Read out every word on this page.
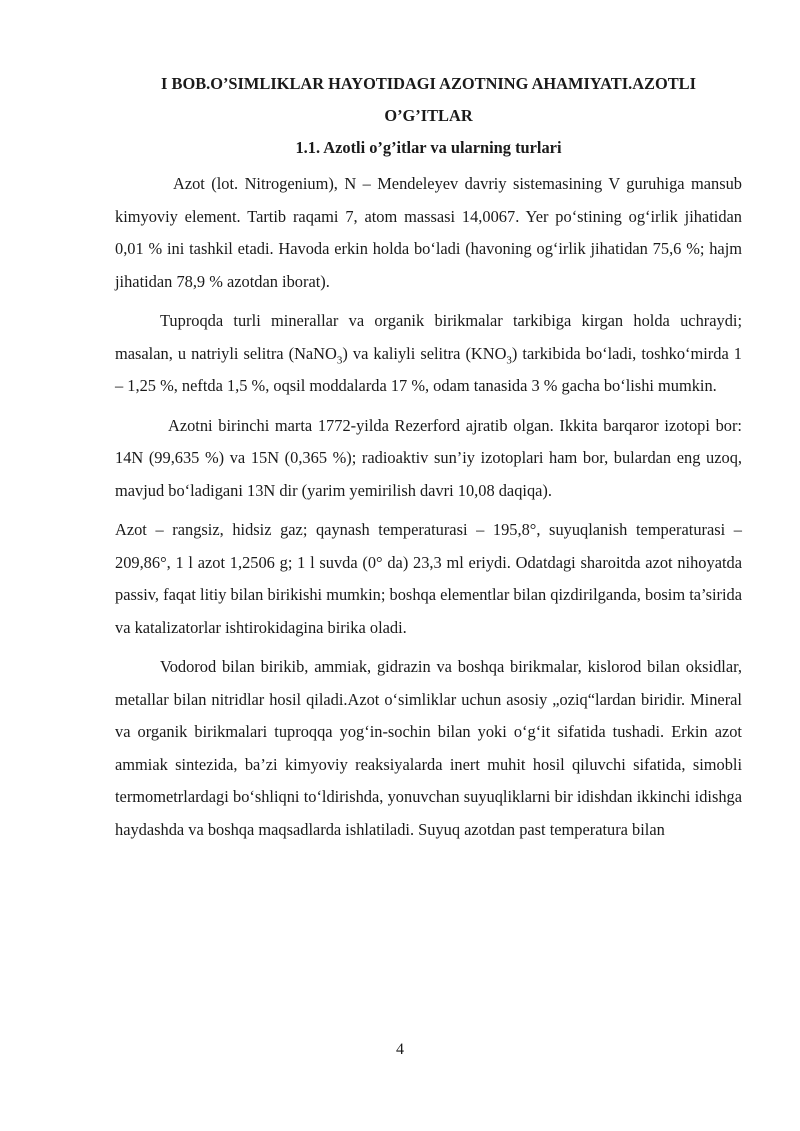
I BOB.O’SIMLIKLAR HAYOTIDAGI AZOTNING AHAMIYATI.AZOTLI

O’G’ITLAR

1.1. Azotli o’g’itlar va ularning turlari

Azot (lot. Nitrogenium), N – Mendeleyev davriy sistemasining V guruhiga mansub kimyoviy element. Tartib raqami 7, atom massasi 14,0067. Yer po‘stining og‘irlik jihatidan 0,01 % ini tashkil etadi. Havoda erkin holda bo‘ladi (havoning og‘irlik jihatidan 75,6 %; hajm jihatidan 78,9 % azotdan iborat).

Tuproqda turli minerallar va organik birikmalar tarkibiga kirgan holda uchraydi; masalan, u natriyli selitra (NaNO$_3$) va kaliyli selitra $(KNO_3)$ tarkibida bo‘ladi, toshko‘mirda 1 – 1,25 %, neftda 1,5 %, oqsil moddalarda 17 %, odam tanasida 3 % gacha bo‘lishi mumkin.

Azotni birinchi marta 1772-yilda Rezerford ajratib olgan. Ikkita barqaror izotopi bor: 14N (99,635 %) va 15N (0,365 %); radioaktiv sun’iy izotoplari ham bor, bulardan eng uzoq, mavjud bo‘ladigani 13N dir (yarim yemirilish davri 10,08 daqiqa).

Azot – rangsiz, hidsiz gaz; qaynash temperaturasi – 195,8°, suyuqlanish temperaturasi – 209,86°, 1 l azot 1,2506 g; 1 l suvda (0° da) 23,3 ml eriydi. Odatdagi sharoitda azot nihoyatda passiv, faqat litiy bilan birikishi mumkin; boshqa elementlar bilan qizdirilganda, bosim ta’sirida va katalizatorlar ishtirokidagina birika oladi.

Vodorod bilan birikib, ammiak, gidrazin va boshqa birikmalar, kislorod bilan oksidlar, metallar bilan nitridlar hosil qiladi.Azot o‘simliklar uchun asosiy „oziq“lardan biridir. Mineral va organik birikmalari tuproqqa yog‘in-sochin bilan yoki o‘g‘it sifatida tushadi. Erkin azot ammiak sintezida, ba’zi kimyoviy reaksiyalarda inert muhit hosil qiluvchi sifatida, simobli termometrlardagi bo‘shliqni to‘ldirishda, yonuvchan suyuqliklarni bir idishdan ikkinchi idishga haydashda va boshqa maqsadlarda ishlatiladi. Suyuq azotdan past temperatura bilan

4
